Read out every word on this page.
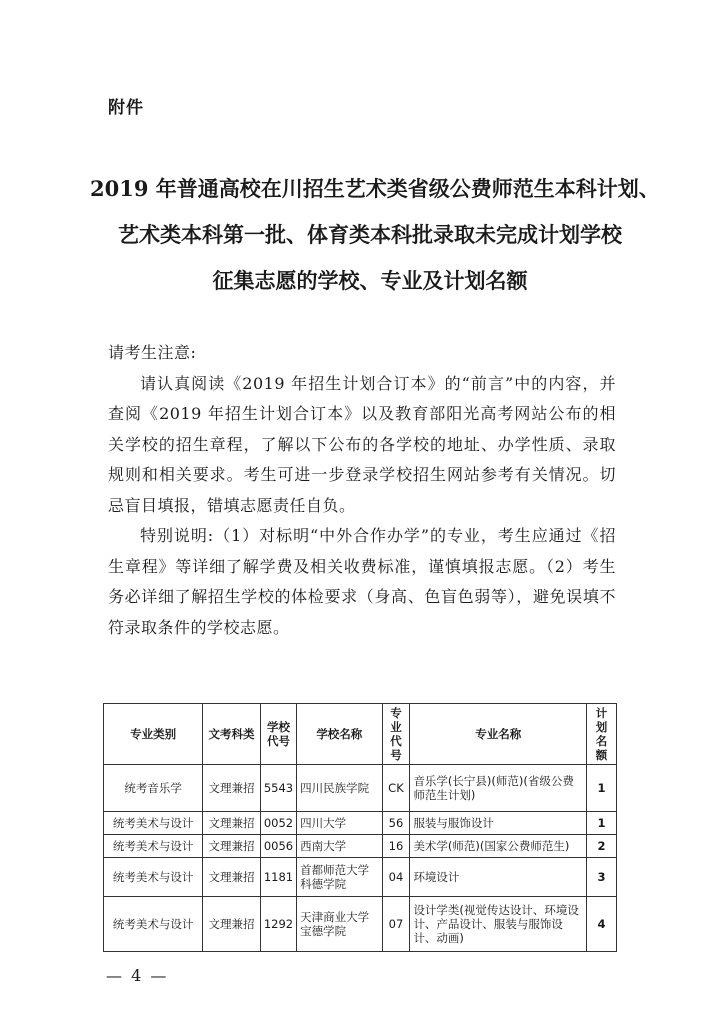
附件
2019 年普通高校在川招生艺术类省级公费师范生本科计划、
艺术类本科第一批、体育类本科批录取未完成计划学校
征集志愿的学校、专业及计划名额

请考生注意:

请认真阅读《2019 年招生计划合订本》的“前言”中的内容，并查阅《2019 年招生计划合订本》以及教育部阳光高考网站公布的相关学校的招生章程，了解以下公布的各学校的地址、办学性质、录取规则和相关要求。考生可进一步登录学校招生网站参考有关情况。切忌盲目填报，错填志愿责任自负。

特别说明:（1）对标明“中外合作办学”的专业，考生应通过《招生章程》等详细了解学费及相关收费标准，谨慎填报志愿。（2）考生务必详细了解招生学校的体检要求（身高、色盲色弱等），避免误填不符录取条件的学校志愿。

专业类别	文考科类	学校代号	学校名称	专业代号	专业名称	计划名额
统考音乐学	文理兼招	5543	四川民族学院	CK	音乐学(长宁县)(师范)(省级公费师范生计划)	1
统考美术与设计	文理兼招	0052	四川大学	56	服装与服饰设计	1
统考美术与设计	文理兼招	0056	西南大学	16	美术学(师范)(国家公费师范生)	2
统考美术与设计	文理兼招	1181	首都师范大学科德学院	04	环境设计	3
统考美术与设计	文理兼招	1292	天津商业大学宝德学院	07	设计学类(视觉传达设计、环境设计、产品设计、服装与服饰设计、动画)	4
— 4 —
